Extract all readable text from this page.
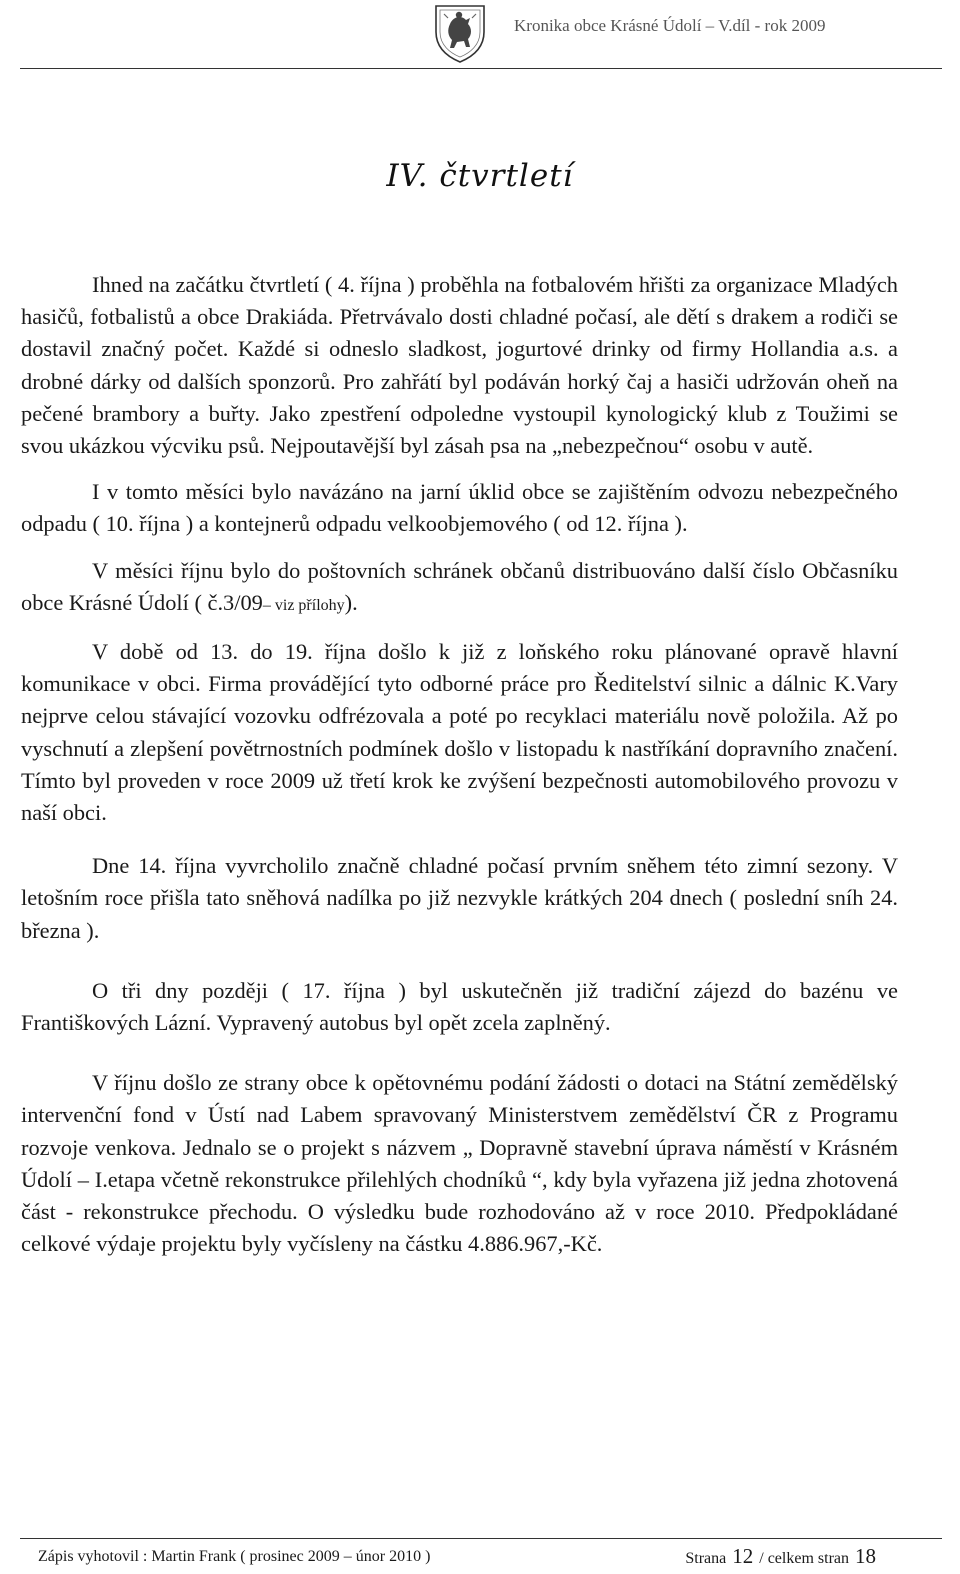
Kronika obce Krásné Údolí – V.díl - rok 2009
IV. čtvrtletí

Ihned na začátku čtvrtletí ( 4. října ) proběhla na fotbalovém hřišti za organizace Mladých hasičů, fotbalistů a obce Drakiáda. Přetrvávalo dosti chladné počasí, ale dětí s drakem a rodiči se dostavil značný počet. Každé si odneslo sladkost, jogurtové drinky od firmy Hollandia a.s. a drobné dárky od dalších sponzorů. Pro zahřátí byl podáván horký čaj a hasiči udržován oheň na pečené brambory a buřty. Jako zpestření odpoledne vystoupil kynologický klub z Toužimi se svou ukázkou výcviku psů. Nejpoutavější byl zásah psa na „nebezpečnou“ osobu v autě.

I v tomto měsíci bylo navázáno na jarní úklid obce se zajištěním odvozu nebezpečného odpadu ( 10. října ) a kontejnerů odpadu velkoobjemového ( od 12. října ).

V měsíci říjnu bylo do poštovních schránek občanů distribuováno další číslo Občasníku obce Krásné Údolí ( č.3/09– viz přílohy).

V době od 13. do 19. října došlo k již z loňského roku plánované opravě hlavní komunikace v obci. Firma provádějící tyto odborné práce pro Ředitelství silnic a dálnic K.Vary nejprve celou stávající vozovku odfrézovala a poté po recyklaci materiálu nově položila. Až po vyschnutí a zlepšení povětrnostních podmínek došlo v listopadu k nastříkání dopravního značení. Tímto byl proveden v roce 2009 už třetí krok ke zvýšení bezpečnosti automobilového provozu v naší obci.

Dne 14. října vyvrcholilo značně chladné počasí prvním sněhem této zimní sezony. V letošním roce přišla tato sněhová nadílka po již nezvykle krátkých 204 dnech ( poslední sníh 24. března ).

O tři dny později ( 17. října ) byl uskutečněn již tradiční zájezd do bazénu ve Františkových Lázní. Vypravený autobus byl opět zcela zaplněný.

V říjnu došlo ze strany obce k opětovnému podání žádosti o dotaci na Státní zemědělský intervenční fond v Ústí nad Labem spravovaný Ministerstvem zemědělství ČR z Programu rozvoje venkova. Jednalo se o projekt s názvem „ Dopravně stavební úprava náměstí v Krásném Údolí – I.etapa včetně rekonstrukce přilehlých chodníků “, kdy byla vyřazena již jedna zhotovená část - rekonstrukce přechodu. O výsledku bude rozhodováno až v roce 2010. Předpokládané celkové výdaje projektu byly vyčísleny na částku 4.886.967,-Kč.

Zápis vyhotovil : Martin Frank ( prosinec 2009 – únor 2010 )	Strana 12 / celkem stran 18
